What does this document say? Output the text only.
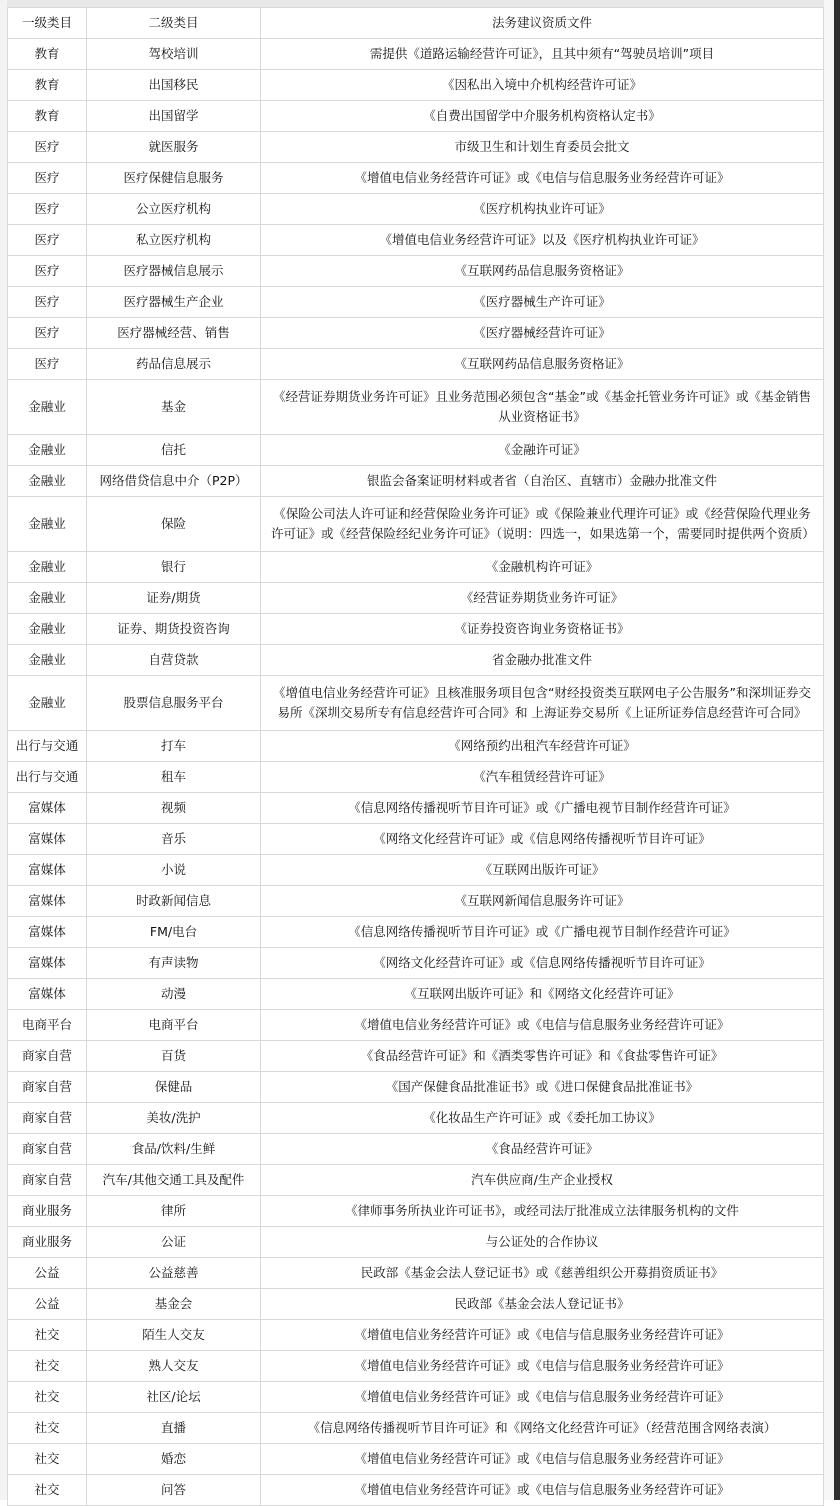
一级类目	二级类目	法务建议资质文件
教育	驾校培训	需提供《道路运输经营许可证》，且其中须有“驾驶员培训”项目
教育	出国移民	《因私出入境中介机构经营许可证》
教育	出国留学	《自费出国留学中介服务机构资格认定书》
医疗	就医服务	市级卫生和计划生育委员会批文
医疗	医疗保健信息服务	《增值电信业务经营许可证》或《电信与信息服务业务经营许可证》
医疗	公立医疗机构	《医疗机构执业许可证》
医疗	私立医疗机构	《增值电信业务经营许可证》以及《医疗机构执业许可证》
医疗	医疗器械信息展示	《互联网药品信息服务资格证》
医疗	医疗器械生产企业	《医疗器械生产许可证》
医疗	医疗器械经营、销售	《医疗器械经营许可证》
医疗	药品信息展示	《互联网药品信息服务资格证》
金融业	基金	《经营证券期货业务许可证》且业务范围必须包含“基金”或《基金托管业务许可证》或《基金销售从业资格证书》
金融业	信托	《金融许可证》
金融业	网络借贷信息中介（P2P）	银监会备案证明材料或者省（自治区、直辖市）金融办批准文件
金融业	保险	《保险公司法人许可证和经营保险业务许可证》或《保险兼业代理许可证》或《经营保险代理业务许可证》或《经营保险经纪业务许可证》（说明：四选一，如果选第一个，需要同时提供两个资质）
金融业	银行	《金融机构许可证》
金融业	证券/期货	《经营证券期货业务许可证》
金融业	证券、期货投资咨询	《证券投资咨询业务资格证书》
金融业	自营贷款	省金融办批准文件
金融业	股票信息服务平台	《增值电信业务经营许可证》且核准服务项目包含“财经投资类互联网电子公告服务”和深圳证券交易所《深圳交易所专有信息经营许可合同》和 上海证券交易所《上证所证券信息经营许可合同》
出行与交通	打车	《网络预约出租汽车经营许可证》
出行与交通	租车	《汽车租赁经营许可证》
富媒体	视频	《信息网络传播视听节目许可证》或《广播电视节目制作经营许可证》
富媒体	音乐	《网络文化经营许可证》或《信息网络传播视听节目许可证》
富媒体	小说	《互联网出版许可证》
富媒体	时政新闻信息	《互联网新闻信息服务许可证》
富媒体	FM/电台	《信息网络传播视听节目许可证》或《广播电视节目制作经营许可证》
富媒体	有声读物	《网络文化经营许可证》或《信息网络传播视听节目许可证》
富媒体	动漫	《互联网出版许可证》和《网络文化经营许可证》
电商平台	电商平台	《增值电信业务经营许可证》或《电信与信息服务业务经营许可证》
商家自营	百货	《食品经营许可证》和《酒类零售许可证》和《食盐零售许可证》
商家自营	保健品	《国产保健食品批准证书》或《进口保健食品批准证书》
商家自营	美妆/洗护	《化妆品生产许可证》或《委托加工协议》
商家自营	食品/饮料/生鲜	《食品经营许可证》
商家自营	汽车/其他交通工具及配件	汽车供应商/生产企业授权
商业服务	律所	《律师事务所执业许可证书》，或经司法厅批准成立法律服务机构的文件
商业服务	公证	与公证处的合作协议
公益	公益慈善	民政部《基金会法人登记证书》或《慈善组织公开募捐资质证书》
公益	基金会	民政部《基金会法人登记证书》
社交	陌生人交友	《增值电信业务经营许可证》或《电信与信息服务业务经营许可证》
社交	熟人交友	《增值电信业务经营许可证》或《电信与信息服务业务经营许可证》
社交	社区/论坛	《增值电信业务经营许可证》或《电信与信息服务业务经营许可证》
社交	直播	《信息网络传播视听节目许可证》和《网络文化经营许可证》（经营范围含网络表演）
社交	婚恋	《增值电信业务经营许可证》或《电信与信息服务业务经营许可证》
社交	问答	《增值电信业务经营许可证》或《电信与信息服务业务经营许可证》
